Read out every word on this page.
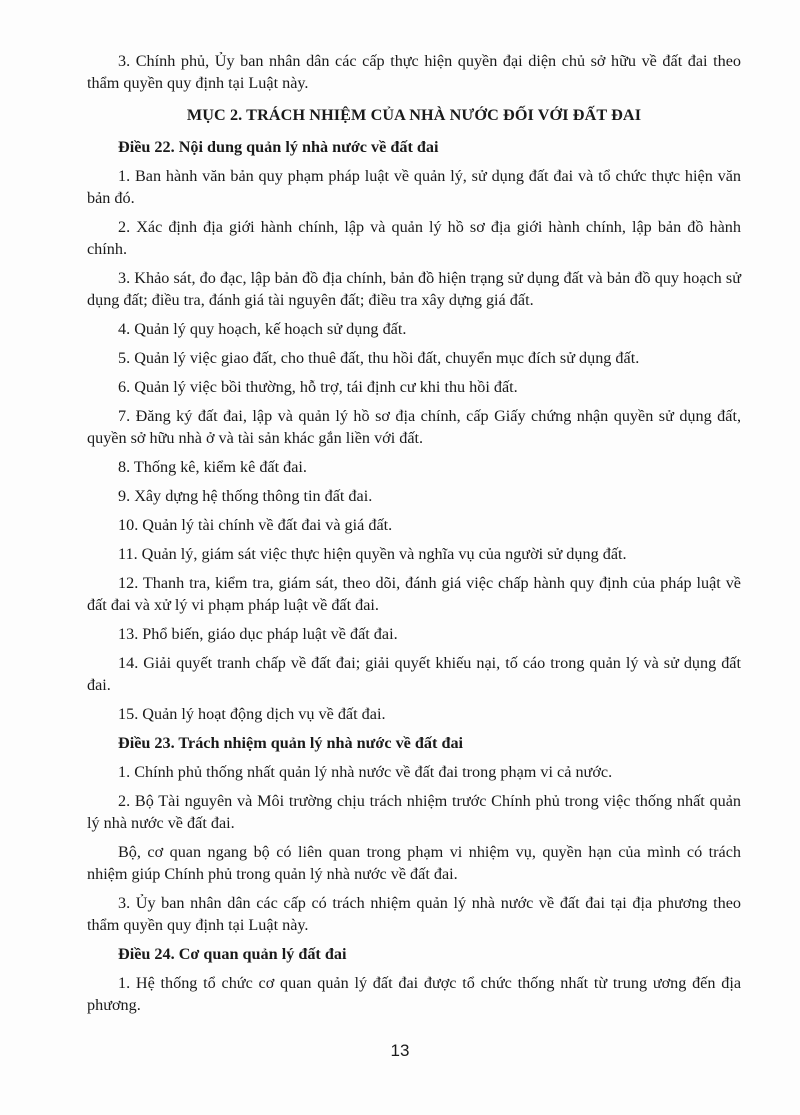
3. Chính phủ, Ủy ban nhân dân các cấp thực hiện quyền đại diện chủ sở hữu về đất đai theo thẩm quyền quy định tại Luật này.

MỤC 2. TRÁCH NHIỆM CỦA NHÀ NƯỚC ĐỐI VỚI ĐẤT ĐAI

Điều 22. Nội dung quản lý nhà nước về đất đai

1. Ban hành văn bản quy phạm pháp luật về quản lý, sử dụng đất đai và tổ chức thực hiện văn bản đó.

2. Xác định địa giới hành chính, lập và quản lý hồ sơ địa giới hành chính, lập bản đồ hành chính.

3. Khảo sát, đo đạc, lập bản đồ địa chính, bản đồ hiện trạng sử dụng đất và bản đồ quy hoạch sử dụng đất; điều tra, đánh giá tài nguyên đất; điều tra xây dựng giá đất.

4. Quản lý quy hoạch, kế hoạch sử dụng đất.

5. Quản lý việc giao đất, cho thuê đất, thu hồi đất, chuyển mục đích sử dụng đất.

6. Quản lý việc bồi thường, hỗ trợ, tái định cư khi thu hồi đất.

7. Đăng ký đất đai, lập và quản lý hồ sơ địa chính, cấp Giấy chứng nhận quyền sử dụng đất, quyền sở hữu nhà ở và tài sản khác gắn liền với đất.

8. Thống kê, kiểm kê đất đai.

9. Xây dựng hệ thống thông tin đất đai.

10. Quản lý tài chính về đất đai và giá đất.

11. Quản lý, giám sát việc thực hiện quyền và nghĩa vụ của người sử dụng đất.

12. Thanh tra, kiểm tra, giám sát, theo dõi, đánh giá việc chấp hành quy định của pháp luật về đất đai và xử lý vi phạm pháp luật về đất đai.

13. Phổ biến, giáo dục pháp luật về đất đai.

14. Giải quyết tranh chấp về đất đai; giải quyết khiếu nại, tố cáo trong quản lý và sử dụng đất đai.

15. Quản lý hoạt động dịch vụ về đất đai.

Điều 23. Trách nhiệm quản lý nhà nước về đất đai

1. Chính phủ thống nhất quản lý nhà nước về đất đai trong phạm vi cả nước.

2. Bộ Tài nguyên và Môi trường chịu trách nhiệm trước Chính phủ trong việc thống nhất quản lý nhà nước về đất đai.

Bộ, cơ quan ngang bộ có liên quan trong phạm vi nhiệm vụ, quyền hạn của mình có trách nhiệm giúp Chính phủ trong quản lý nhà nước về đất đai.

3. Ủy ban nhân dân các cấp có trách nhiệm quản lý nhà nước về đất đai tại địa phương theo thẩm quyền quy định tại Luật này.

Điều 24. Cơ quan quản lý đất đai

1. Hệ thống tổ chức cơ quan quản lý đất đai được tổ chức thống nhất từ trung ương đến địa phương.

13
